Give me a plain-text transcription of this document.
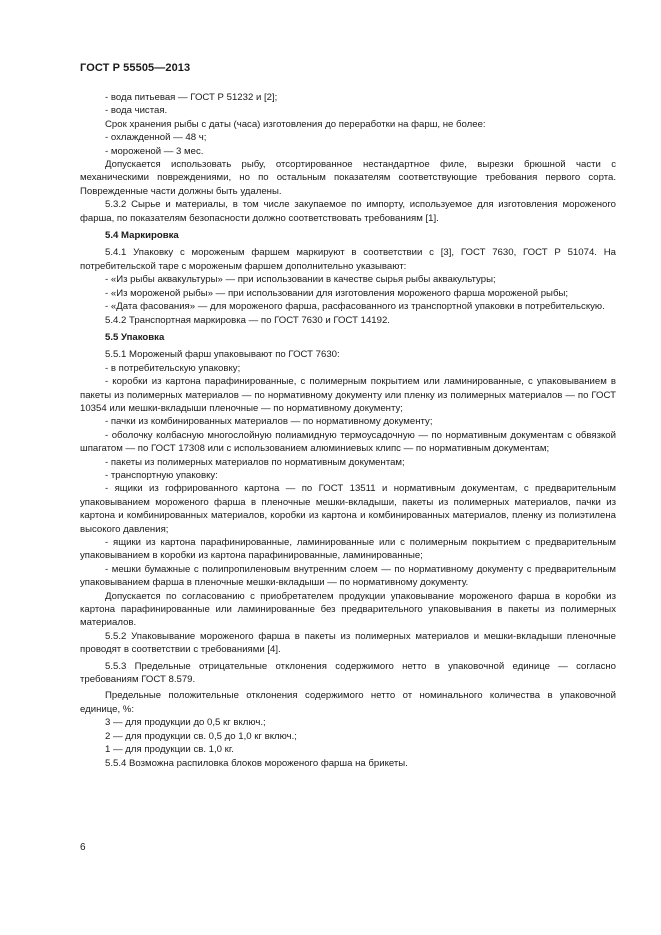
ГОСТ Р 55505—2013

- вода питьевая — ГОСТ Р 51232 и [2];

- вода чистая.

Срок хранения рыбы с даты (часа) изготовления до переработки на фарш, не более:

- охлажденной — 48 ч;

- мороженой — 3 мес.

Допускается использовать рыбу, отсортированное нестандартное филе, вырезки брюшной части с механическими повреждениями, но по остальным показателям соответствующие требования первого сорта. Поврежденные части должны быть удалены.

5.3.2 Сырье и материалы, в том числе закупаемое по импорту, используемое для изготовления мороженого фарша, по показателям безопасности должно соответствовать требованиям [1].

5.4 Маркировка

5.4.1 Упаковку с мороженым фаршем маркируют в соответствии с [3], ГОСТ 7630, ГОСТ Р 51074. На потребительской таре с мороженым фаршем дополнительно указывают:

- «Из рыбы аквакультуры» — при использовании в качестве сырья рыбы аквакультуры;

- «Из мороженой рыбы» — при использовании для изготовления мороженого фарша мороженой рыбы;

- «Дата фасования» — для мороженого фарша, расфасованного из транспортной упаковки в потребительскую.

5.4.2 Транспортная маркировка — по ГОСТ 7630 и ГОСТ 14192.

5.5 Упаковка

5.5.1 Мороженый фарш упаковывают по ГОСТ 7630:

- в потребительскую упаковку;

- коробки из картона парафинированные, с полимерным покрытием или ламинированные, с упаковыванием в пакеты из полимерных материалов — по нормативному документу или пленку из полимерных материалов — по ГОСТ 10354 или мешки-вкладыши пленочные — по нормативному документу;

- пачки из комбинированных материалов — по нормативному документу;

- оболочку колбасную многослойную полиамидную термоусадочную — по нормативным документам с обвязкой шпагатом — по ГОСТ 17308 или с использованием алюминиевых клипс — по нормативным документам;

- пакеты из полимерных материалов по нормативным документам;

- транспортную упаковку:

- ящики из гофрированного картона — по ГОСТ 13511 и нормативным документам, с предварительным упаковыванием мороженого фарша в пленочные мешки-вкладыши, пакеты из полимерных материалов, пачки из картона и комбинированных материалов, коробки из картона и комбинированных материалов, пленку из полиэтилена высокого давления;

- ящики из картона парафинированные, ламинированные или с полимерным покрытием с предварительным упаковыванием в коробки из картона парафинированные, ламинированные;

- мешки бумажные с полипропиленовым внутренним слоем — по нормативному документу с предварительным упаковыванием фарша в пленочные мешки-вкладыши — по нормативному документу.

Допускается по согласованию с приобретателем продукции упаковывание мороженого фарша в коробки из картона парафинированные или ламинированные без предварительного упаковывания в пакеты из полимерных материалов.

5.5.2 Упаковывание мороженого фарша в пакеты из полимерных материалов и мешки-вкладыши пленочные проводят в соответствии с требованиями [4].

5.5.3 Предельные отрицательные отклонения содержимого нетто в упаковочной единице — согласно требованиям ГОСТ 8.579.

Предельные положительные отклонения содержимого нетто от номинального количества в упаковочной единице, %:

3 — для продукции до 0,5 кг включ.;

2 — для продукции св. 0,5 до 1,0 кг включ.;

1 — для продукции св. 1,0 кг.

5.5.4 Возможна распиловка блоков мороженого фарша на брикеты.

6
